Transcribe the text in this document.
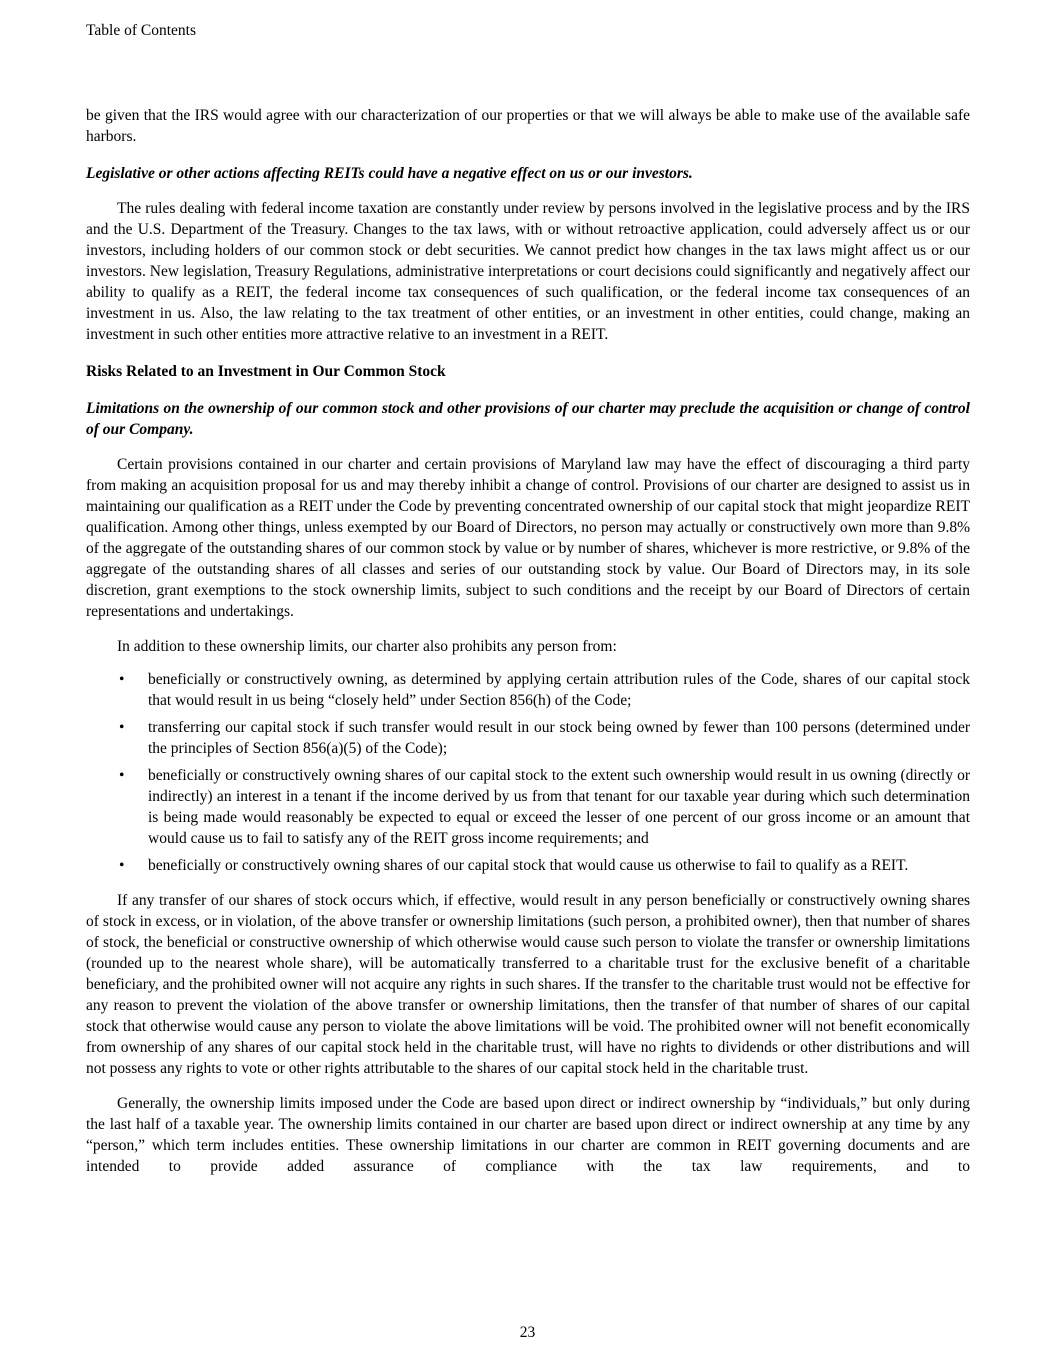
Table of Contents

be given that the IRS would agree with our characterization of our properties or that we will always be able to make use of the available safe harbors.

Legislative or other actions affecting REITs could have a negative effect on us or our investors.

The rules dealing with federal income taxation are constantly under review by persons involved in the legislative process and by the IRS and the U.S. Department of the Treasury. Changes to the tax laws, with or without retroactive application, could adversely affect us or our investors, including holders of our common stock or debt securities. We cannot predict how changes in the tax laws might affect us or our investors. New legislation, Treasury Regulations, administrative interpretations or court decisions could significantly and negatively affect our ability to qualify as a REIT, the federal income tax consequences of such qualification, or the federal income tax consequences of an investment in us. Also, the law relating to the tax treatment of other entities, or an investment in other entities, could change, making an investment in such other entities more attractive relative to an investment in a REIT.

Risks Related to an Investment in Our Common Stock
Limitations on the ownership of our common stock and other provisions of our charter may preclude the acquisition or change of control of our Company.

Certain provisions contained in our charter and certain provisions of Maryland law may have the effect of discouraging a third party from making an acquisition proposal for us and may thereby inhibit a change of control. Provisions of our charter are designed to assist us in maintaining our qualification as a REIT under the Code by preventing concentrated ownership of our capital stock that might jeopardize REIT qualification. Among other things, unless exempted by our Board of Directors, no person may actually or constructively own more than 9.8% of the aggregate of the outstanding shares of our common stock by value or by number of shares, whichever is more restrictive, or 9.8% of the aggregate of the outstanding shares of all classes and series of our outstanding stock by value. Our Board of Directors may, in its sole discretion, grant exemptions to the stock ownership limits, subject to such conditions and the receipt by our Board of Directors of certain representations and undertakings.

In addition to these ownership limits, our charter also prohibits any person from:

•	beneficially or constructively owning, as determined by applying certain attribution rules of the Code, shares of our capital stock that would result in us being “closely held” under Section 856(h) of the Code;
•	transferring our capital stock if such transfer would result in our stock being owned by fewer than 100 persons (determined under the principles of Section 856(a)(5) of the Code);
•	beneficially or constructively owning shares of our capital stock to the extent such ownership would result in us owning (directly or indirectly) an interest in a tenant if the income derived by us from that tenant for our taxable year during which such determination is being made would reasonably be expected to equal or exceed the lesser of one percent of our gross income or an amount that would cause us to fail to satisfy any of the REIT gross income requirements; and
•	beneficially or constructively owning shares of our capital stock that would cause us otherwise to fail to qualify as a REIT.

If any transfer of our shares of stock occurs which, if effective, would result in any person beneficially or constructively owning shares of stock in excess, or in violation, of the above transfer or ownership limitations (such person, a prohibited owner), then that number of shares of stock, the beneficial or constructive ownership of which otherwise would cause such person to violate the transfer or ownership limitations (rounded up to the nearest whole share), will be automatically transferred to a charitable trust for the exclusive benefit of a charitable beneficiary, and the prohibited owner will not acquire any rights in such shares. If the transfer to the charitable trust would not be effective for any reason to prevent the violation of the above transfer or ownership limitations, then the transfer of that number of shares of our capital stock that otherwise would cause any person to violate the above limitations will be void. The prohibited owner will not benefit economically from ownership of any shares of our capital stock held in the charitable trust, will have no rights to dividends or other distributions and will not possess any rights to vote or other rights attributable to the shares of our capital stock held in the charitable trust.

Generally, the ownership limits imposed under the Code are based upon direct or indirect ownership by “individuals,” but only during the last half of a taxable year. The ownership limits contained in our charter are based upon direct or indirect ownership at any time by any “person,” which term includes entities. These ownership limitations in our charter are common in REIT governing documents and are intended to provide added assurance of compliance with the tax law requirements, and to

23
